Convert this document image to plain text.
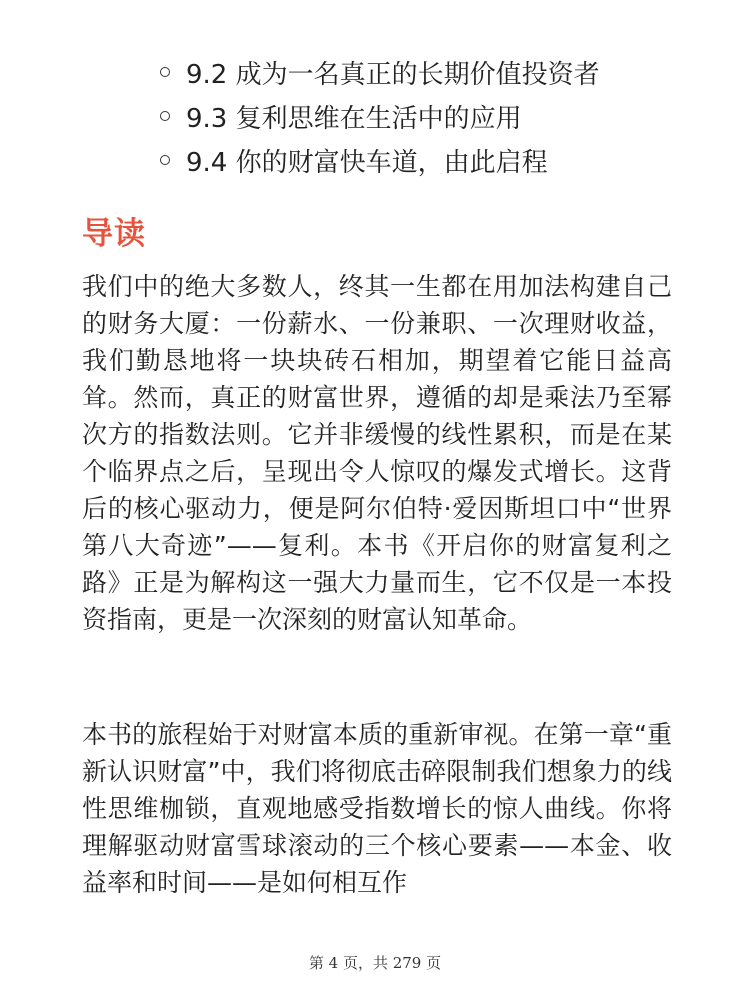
9.2 成为一名真正的长期价值投资者
9.3 复利思维在生活中的应用
9.4 你的财富快车道，由此启程
导读

我们中的绝大多数人，终其一生都在用加法构建自己的财务大厦：一份薪水、一份兼职、一次理财收益，我们勤恳地将一块块砖石相加，期望着它能日益高耸。然而，真正的财富世界，遵循的却是乘法乃至幂次方的指数法则。它并非缓慢的线性累积，而是在某个临界点之后，呈现出令人惊叹的爆发式增长。这背后的核心驱动力，便是阿尔伯特·爱因斯坦口中“世界第八大奇迹”——复利。本书《开启你的财富复利之路》正是为解构这一强大力量而生，它不仅是一本投资指南，更是一次深刻的财富认知革命。

本书的旅程始于对财富本质的重新审视。在第一章“重新认识财富”中，我们将彻底击碎限制我们想象力的线性思维枷锁，直观地感受指数增长的惊人曲线。你将理解驱动财富雪球滚动的三个核心要素——本金、收益率和时间——是如何相互作

第 4 页，共 279 页
